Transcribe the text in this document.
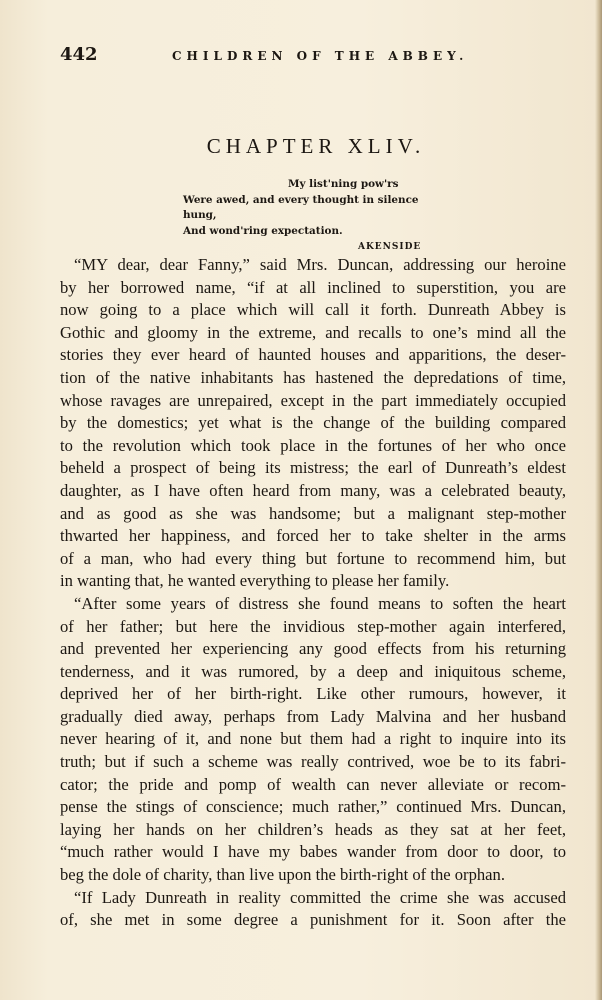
442	CHILDREN OF THE ABBEY.
CHAPTER XLIV.
My list'ning pow'rs
Were awed, and every thought in silence hung,
And wond'ring expectation.
AKENSIDE
“MY dear, dear Fanny,” said Mrs. Duncan, addressing our heroine
by her borrowed name, “if at all inclined to superstition, you are
now going to a place which will call it forth. Dunreath Abbey is
Gothic and gloomy in the extreme, and recalls to one’s mind all the
stories they ever heard of haunted houses and apparitions, the deser-
tion of the native inhabitants has hastened the depredations of time,
whose ravages are unrepaired, except in the part immediately occupied
by the domestics; yet what is the change of the building compared
to the revolution which took place in the fortunes of her who once
beheld a prospect of being its mistress; the earl of Dunreath’s eldest
daughter, as I have often heard from many, was a celebrated beauty,
and as good as she was handsome; but a malignant step-mother
thwarted her happiness, and forced her to take shelter in the arms
of a man, who had every thing but fortune to recommend him, but
in wanting that, he wanted everything to please her family.
“After some years of distress she found means to soften the heart
of her father; but here the invidious step-mother again interfered,
and prevented her experiencing any good effects from his returning
tenderness, and it was rumored, by a deep and iniquitous scheme,
deprived her of her birth-right. Like other rumours, however, it
gradually died away, perhaps from Lady Malvina and her husband
never hearing of it, and none but them had a right to inquire into its
truth; but if such a scheme was really contrived, woe be to its fabri-
cator; the pride and pomp of wealth can never alleviate or recom-
pense the stings of conscience; much rather,” continued Mrs. Duncan,
laying her hands on her children’s heads as they sat at her feet,
“much rather would I have my babes wander from door to door, to
beg the dole of charity, than live upon the birth-right of the orphan.
“If Lady Dunreath in reality committed the crime she was accused
of, she met in some degree a punishment for it. Soon after the
